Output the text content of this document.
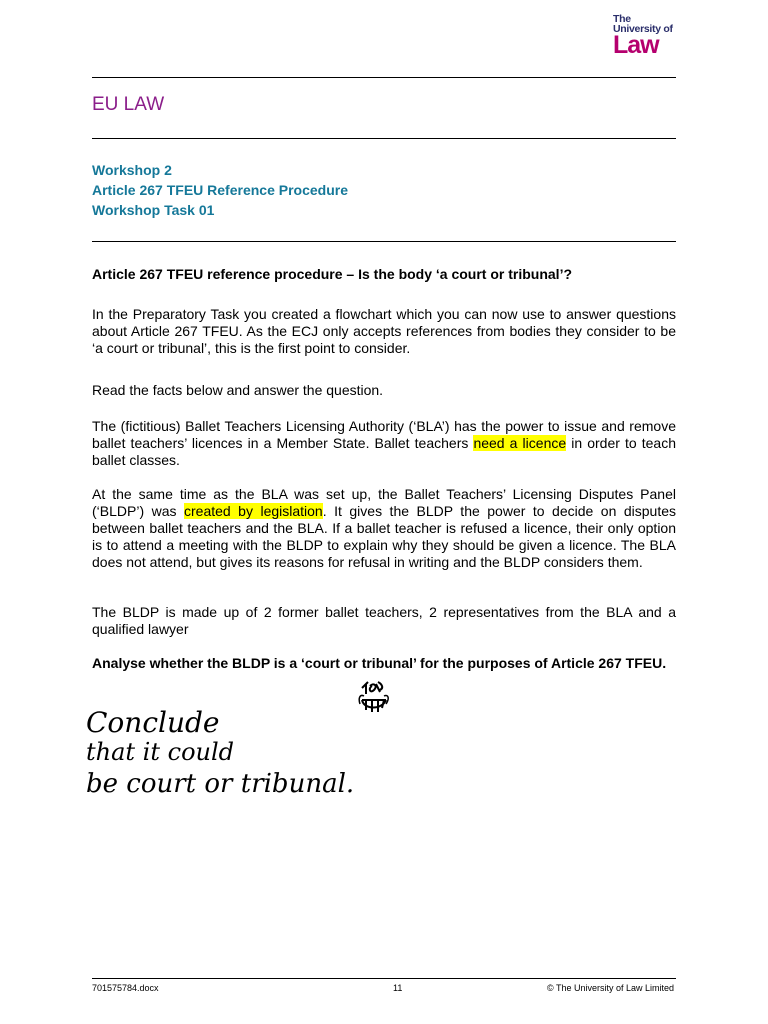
The
University of
Law
EU LAW
Workshop 2
Article 267 TFEU Reference Procedure
Workshop Task 01
Article 267 TFEU reference procedure – Is the body ‘a court or tribunal’?
In the Preparatory Task you created a flowchart which you can now use to answer questions about Article 267 TFEU. As the ECJ only accepts references from bodies they consider to be ‘a court or tribunal’, this is the first point to consider.
Read the facts below and answer the question.
The (fictitious) Ballet Teachers Licensing Authority (‘BLA’) has the power to issue and remove ballet teachers’ licences in a Member State. Ballet teachers need a licence in order to teach ballet classes.
At the same time as the BLA was set up, the Ballet Teachers’ Licensing Disputes Panel (‘BLDP’) was created by legislation. It gives the BLDP the power to decide on disputes between ballet teachers and the BLA. If a ballet teacher is refused a licence, their only option is to attend a meeting with the BLDP to explain why they should be given a licence. The BLA does not attend, but gives its reasons for refusal in writing and the BLDP considers them.
The BLDP is made up of 2 former ballet teachers, 2 representatives from the BLA and a qualified lawyer
Analyse whether the BLDP is a ‘court or tribunal’ for the purposes of Article 267 TFEU.
Conclude
that it could
be court or tribunal.
701575784.docx	11	© The University of Law Limited
